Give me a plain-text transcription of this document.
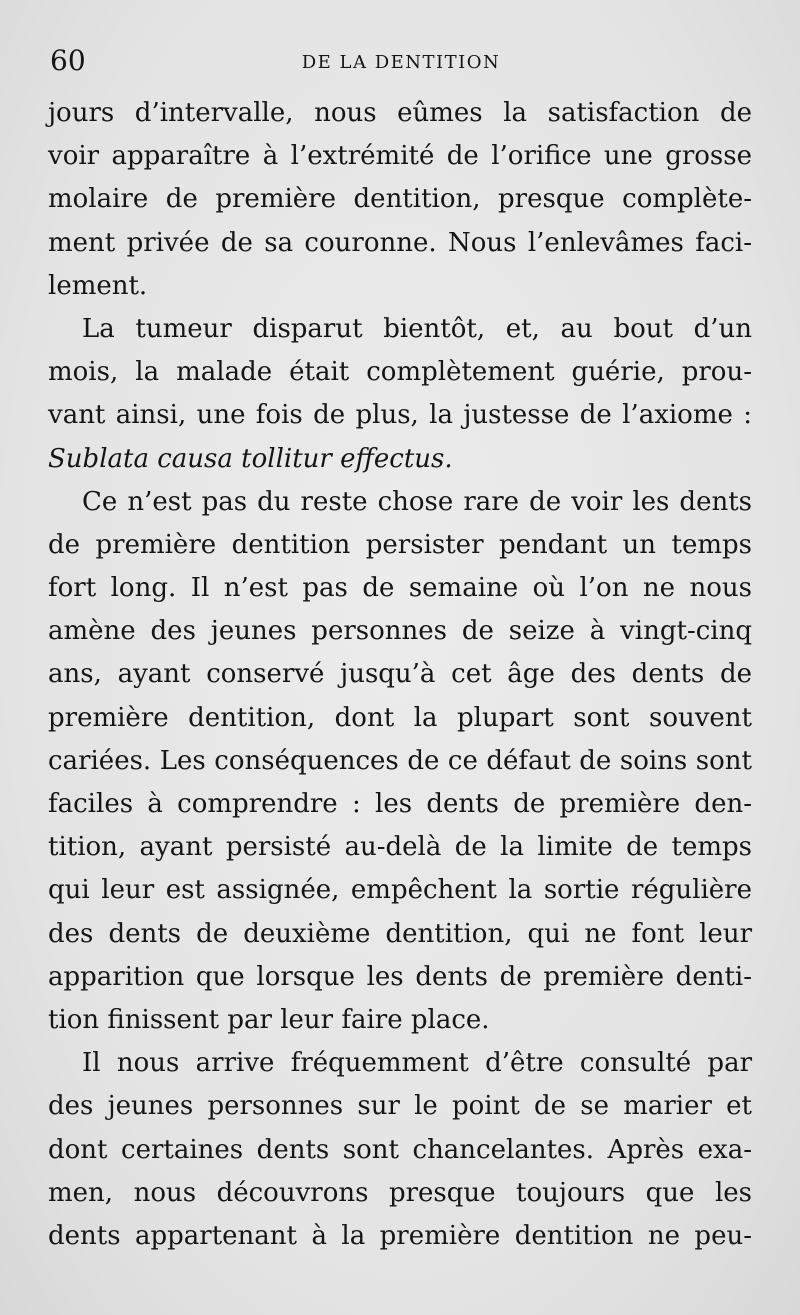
60	DE LA DENTITION
jours d’intervalle, nous eûmes la satisfaction de
voir apparaître à l’extrémité de l’orifice une grosse
molaire de première dentition, presque complète-
ment privée de sa couronne. Nous l’enlevâmes faci-
lement.
La tumeur disparut bientôt, et, au bout d’un
mois, la malade était complètement guérie, prou-
vant ainsi, une fois de plus, la justesse de l’axiome :
Sublata causa tollitur effectus.
Ce n’est pas du reste chose rare de voir les dents
de première dentition persister pendant un temps
fort long. Il n’est pas de semaine où l’on ne nous
amène des jeunes personnes de seize à vingt-cinq
ans, ayant conservé jusqu’à cet âge des dents de
première dentition, dont la plupart sont souvent
cariées. Les conséquences de ce défaut de soins sont
faciles à comprendre : les dents de première den-
tition, ayant persisté au-delà de la limite de temps
qui leur est assignée, empêchent la sortie régulière
des dents de deuxième dentition, qui ne font leur
apparition que lorsque les dents de première denti-
tion finissent par leur faire place.
Il nous arrive fréquemment d’être consulté par
des jeunes personnes sur le point de se marier et
dont certaines dents sont chancelantes. Après exa-
men, nous découvrons presque toujours que les
dents appartenant à la première dentition ne peu-
